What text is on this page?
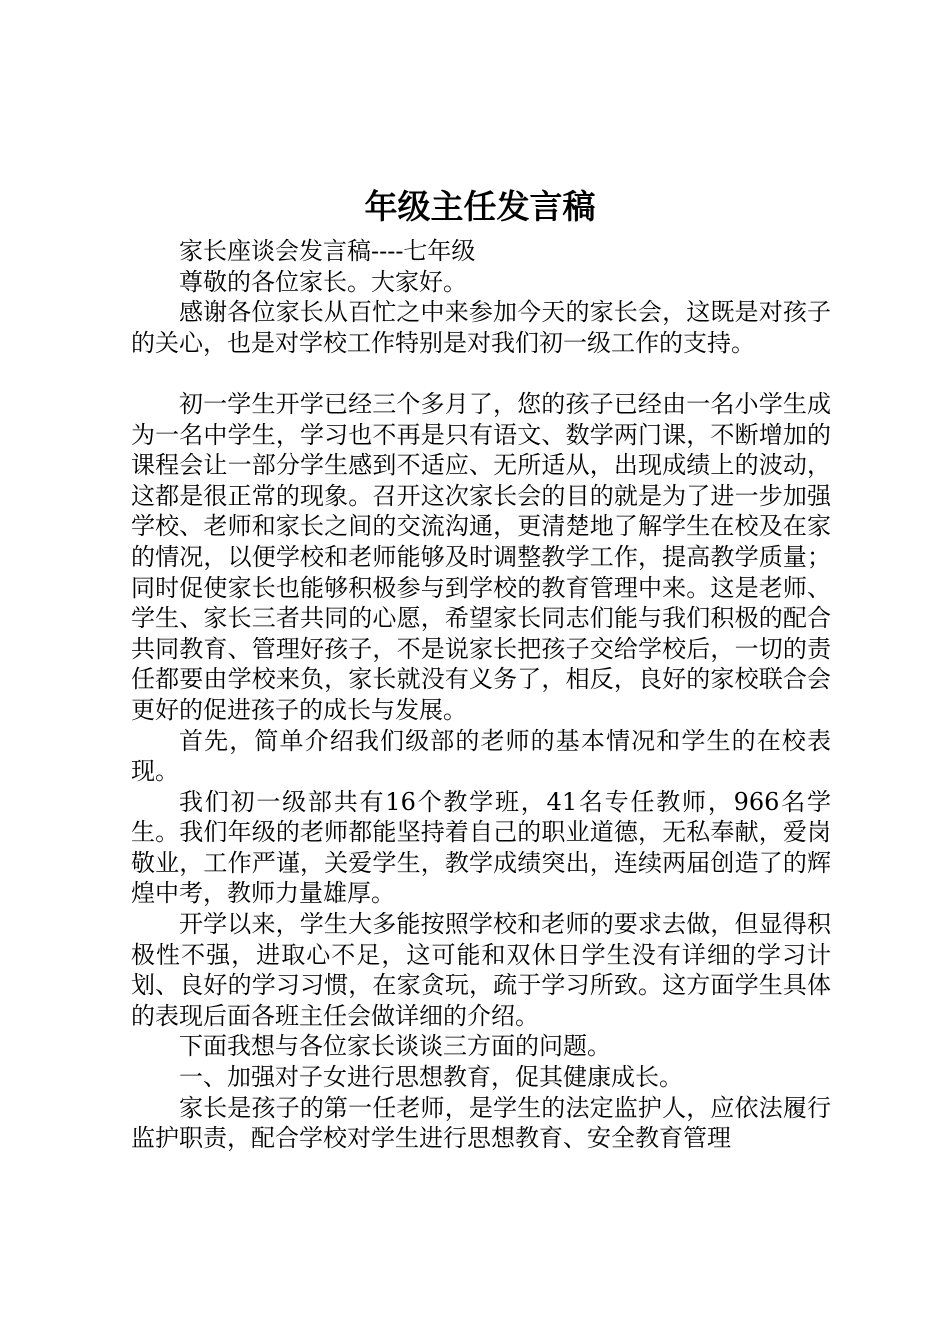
年级主任发言稿

家长座谈会发言稿----七年级

尊敬的各位家长。大家好。

感谢各位家长从百忙之中来参加今天的家长会，这既是对孩子的关心，也是对学校工作特别是对我们初一级工作的支持。

初一学生开学已经三个多月了，您的孩子已经由一名小学生成为一名中学生，学习也不再是只有语文、数学两门课，不断增加的课程会让一部分学生感到不适应、无所适从，出现成绩上的波动，这都是很正常的现象。召开这次家长会的目的就是为了进一步加强学校、老师和家长之间的交流沟通，更清楚地了解学生在校及在家的情况，以便学校和老师能够及时调整教学工作，提高教学质量；同时促使家长也能够积极参与到学校的教育管理中来。这是老师、学生、家长三者共同的心愿，希望家长同志们能与我们积极的配合共同教育、管理好孩子，不是说家长把孩子交给学校后，一切的责任都要由学校来负，家长就没有义务了，相反，良好的家校联合会更好的促进孩子的成长与发展。

首先，简单介绍我们级部的老师的基本情况和学生的在校表现。

我们初一级部共有16个教学班，41名专任教师，966名学生。我们年级的老师都能坚持着自己的职业道德，无私奉献，爱岗敬业，工作严谨，关爱学生，教学成绩突出，连续两届创造了的辉煌中考，教师力量雄厚。

开学以来，学生大多能按照学校和老师的要求去做，但显得积极性不强，进取心不足，这可能和双休日学生没有详细的学习计划、良好的学习习惯，在家贪玩，疏于学习所致。这方面学生具体的表现后面各班主任会做详细的介绍。

下面我想与各位家长谈谈三方面的问题。

一、加强对子女进行思想教育，促其健康成长。

家长是孩子的第一任老师，是学生的法定监护人，应依法履行监护职责，配合学校对学生进行思想教育、安全教育管理
